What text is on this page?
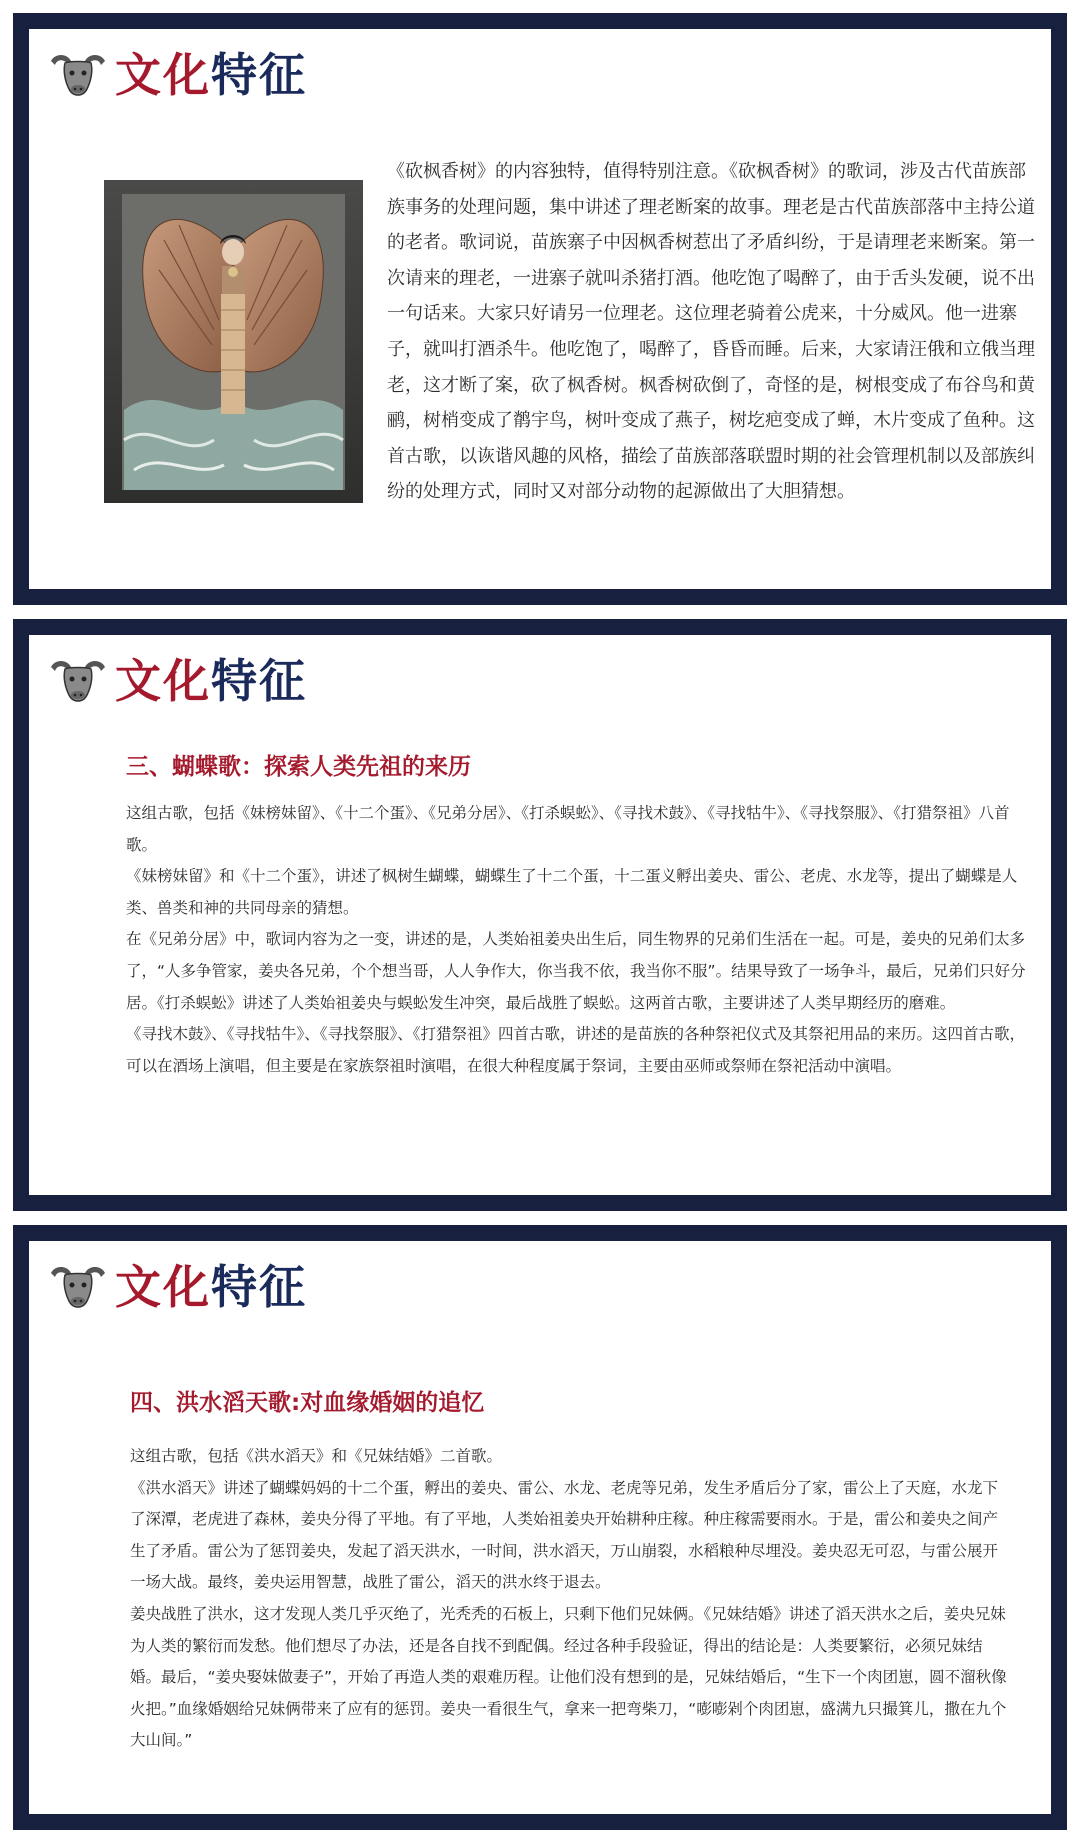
文化特征

《砍枫香树》的内容独特，值得特别注意。《砍枫香树》的歌词，涉及古代苗族部族事务的处理问题，集中讲述了理老断案的故事。理老是古代苗族部落中主持公道的老者。歌词说，苗族寨子中因枫香树惹出了矛盾纠纷，于是请理老来断案。第一次请来的理老，一进寨子就叫杀猪打酒。他吃饱了喝醉了，由于舌头发硬，说不出一句话来。大家只好请另一位理老。这位理老骑着公虎来，十分威风。他一进寨子，就叫打酒杀牛。他吃饱了，喝醉了，昏昏而睡。后来，大家请汪俄和立俄当理老，这才断了案，砍了枫香树。枫香树砍倒了，奇怪的是，树根变成了布谷鸟和黄鹂，树梢变成了鹡宇鸟，树叶变成了燕子，树圪疤变成了蝉，木片变成了鱼种。这首古歌，以诙谐风趣的风格，描绘了苗族部落联盟时期的社会管理机制以及部族纠纷的处理方式，同时又对部分动物的起源做出了大胆猜想。

文化特征
三、蝴蝶歌：探索人类先祖的来历

这组古歌，包括《妹榜妹留》、《十二个蛋》、《兄弟分居》、《打杀蜈蚣》、《寻找术鼓》、《寻找牯牛》、《寻找祭服》、《打猎祭祖》八首歌。

《妹榜妹留》和《十二个蛋》，讲述了枫树生蝴蝶，蝴蝶生了十二个蛋，十二蛋义孵出姜央、雷公、老虎、水龙等，提出了蝴蝶是人类、兽类和神的共同母亲的猜想。

在《兄弟分居》中，歌词内容为之一变，讲述的是，人类始祖姜央出生后，同生物界的兄弟们生活在一起。可是，姜央的兄弟们太多了，“人多争管家，姜央各兄弟，个个想当哥，人人争作大，你当我不依，我当你不服”。结果导致了一场争斗，最后，兄弟们只好分居。《打杀蜈蚣》讲述了人类始祖姜央与蜈蚣发生冲突，最后战胜了蜈蚣。这两首古歌，主要讲述了人类早期经历的磨难。

《寻找木鼓》、《寻找牯牛》、《寻找祭服》、《打猎祭祖》四首古歌，讲述的是苗族的各种祭祀仪式及其祭祀用品的来历。这四首古歌，可以在酒场上演唱，但主要是在家族祭祖时演唱，在很大种程度属于祭词，主要由巫师或祭师在祭祀活动中演唱。

文化特征
四、洪水滔天歌:对血缘婚姻的追忆

这组古歌，包括《洪水滔天》和《兄妹结婚》二首歌。

《洪水滔天》讲述了蝴蝶妈妈的十二个蛋，孵出的姜央、雷公、水龙、老虎等兄弟，发生矛盾后分了家，雷公上了天庭，水龙下了深潭，老虎进了森林，姜央分得了平地。有了平地，人类始祖姜央开始耕种庄稼。种庄稼需要雨水。于是，雷公和姜央之间产生了矛盾。雷公为了惩罚姜央，发起了滔天洪水，一时间，洪水滔天，万山崩裂，水稻粮种尽埋没。姜央忍无可忍，与雷公展开一场大战。最终，姜央运用智慧，战胜了雷公，滔天的洪水终于退去。

姜央战胜了洪水，这才发现人类几乎灭绝了，光秃秃的石板上，只剩下他们兄妹俩。《兄妹结婚》讲述了滔天洪水之后，姜央兄妹为人类的繁衍而发愁。他们想尽了办法，还是各自找不到配偶。经过各种手段验证，得出的结论是：人类要繁衍，必须兄妹结婚。最后，“姜央娶妹做妻子”，开始了再造人类的艰难历程。让他们没有想到的是，兄妹结婚后，“生下一个肉团崽，圆不溜秋像火把。”血缘婚姻给兄妹俩带来了应有的惩罚。姜央一看很生气，拿来一把弯柴刀，“嘭嘭剁个肉团崽，盛满九只撮箕儿，撒在九个大山间。”
